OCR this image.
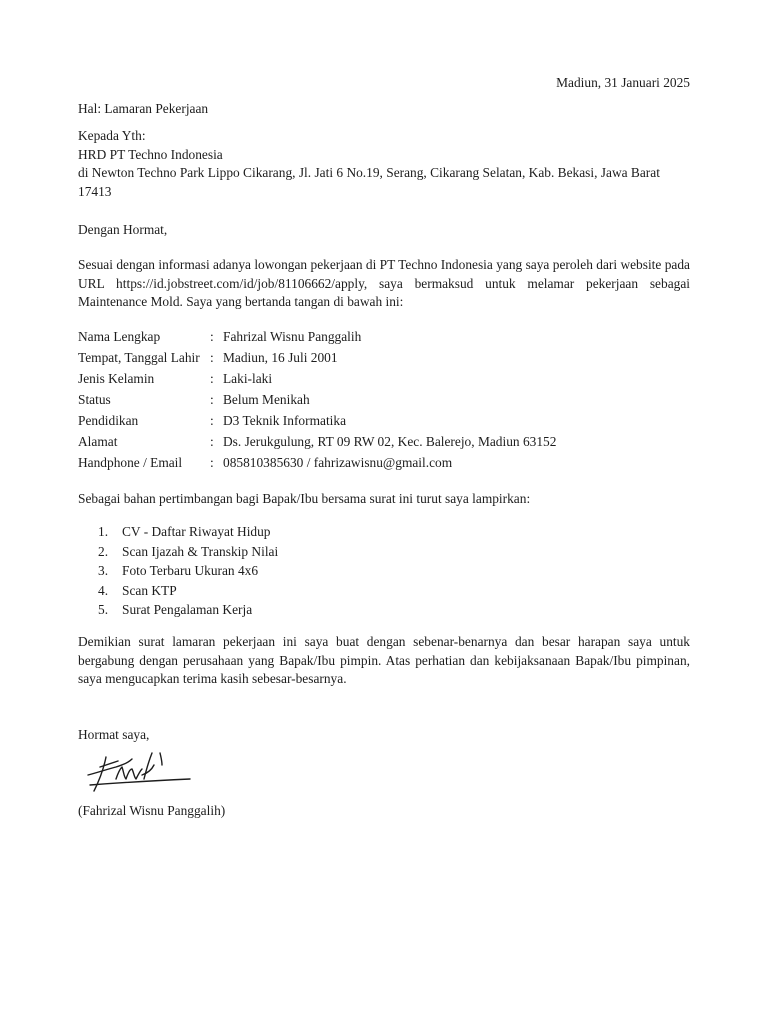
Madiun, 31 Januari 2025
Hal: Lamaran Pekerjaan
Kepada Yth:
HRD PT Techno Indonesia
di Newton Techno Park Lippo Cikarang, Jl. Jati 6 No.19, Serang, Cikarang Selatan, Kab. Bekasi, Jawa Barat
17413
Dengan Hormat,
Sesuai dengan informasi adanya lowongan pekerjaan di PT Techno Indonesia yang saya peroleh dari website pada URL https://id.jobstreet.com/id/job/81106662/apply, saya bermaksud untuk melamar pekerjaan sebagai Maintenance Mold. Saya yang bertanda tangan di bawah ini:
Nama Lengkap	:	Fahrizal Wisnu Panggalih
Tempat, Tanggal Lahir	:	Madiun, 16 Juli 2001
Jenis Kelamin	:	Laki-laki
Status	:	Belum Menikah
Pendidikan	:	D3 Teknik Informatika
Alamat	:	Ds. Jerukgulung, RT 09 RW 02, Kec. Balerejo, Madiun 63152
Handphone / Email	:	085810385630 / fahrizawisnu@gmail.com
Sebagai bahan pertimbangan bagi Bapak/Ibu bersama surat ini turut saya lampirkan:
1. CV - Daftar Riwayat Hidup
2. Scan Ijazah & Transkip Nilai
3. Foto Terbaru Ukuran 4x6
4. Scan KTP
5. Surat Pengalaman Kerja
Demikian surat lamaran pekerjaan ini saya buat dengan sebenar-benarnya dan besar harapan saya untuk bergabung dengan perusahaan yang Bapak/Ibu pimpin. Atas perhatian dan kebijaksanaan Bapak/Ibu pimpinan, saya mengucapkan terima kasih sebesar-besarnya.
Hormat saya,
(Fahrizal Wisnu Panggalih)
